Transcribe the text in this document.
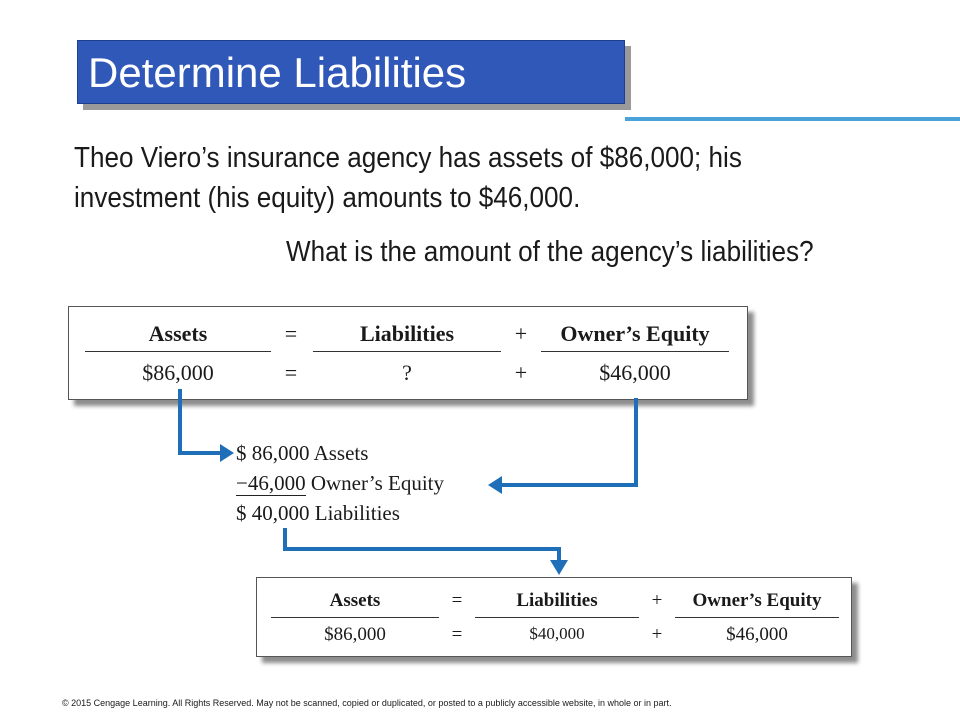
Determine Liabilities
Theo Viero’s insurance agency has assets of $86,000; his investment (his equity) amounts to $46,000.
What is the amount of the agency’s liabilities?
Assets	=	Liabilities	+	Owner’s Equity
$86,000	=	?	+	$46,000
$ 86,000 Assets
−46,000 Owner’s Equity
$ 40,000 Liabilities
Assets	=	Liabilities	+	Owner’s Equity
$86,000	=	$40,000	+	$46,000
© 2015 Cengage Learning. All Rights Reserved. May not be scanned, copied or duplicated, or posted to a publicly accessible website, in whole or in part.
